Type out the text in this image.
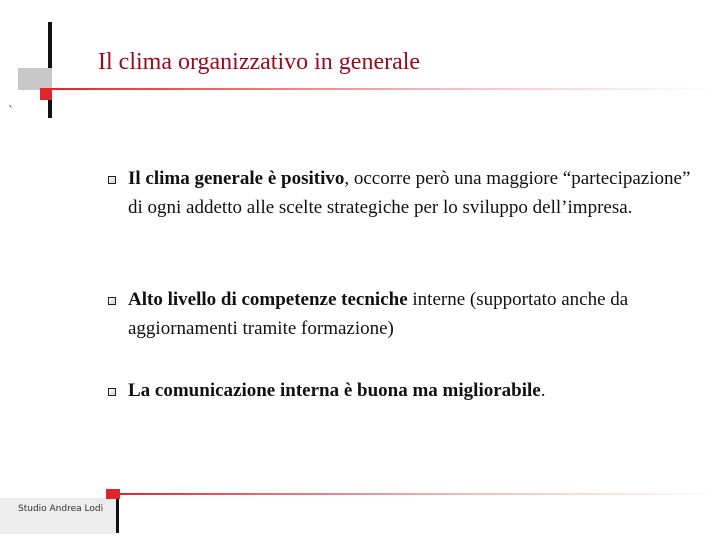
`
Il clima organizzativo in generale
Il clima generale è positivo, occorre però una maggiore “partecipazione” di ogni addetto alle scelte strategiche per lo sviluppo dell’impresa.
Alto livello di competenze tecniche interne (supportato anche da aggiornamenti tramite formazione)
La comunicazione interna è buona ma migliorabile.
Studio Andrea Lodi
